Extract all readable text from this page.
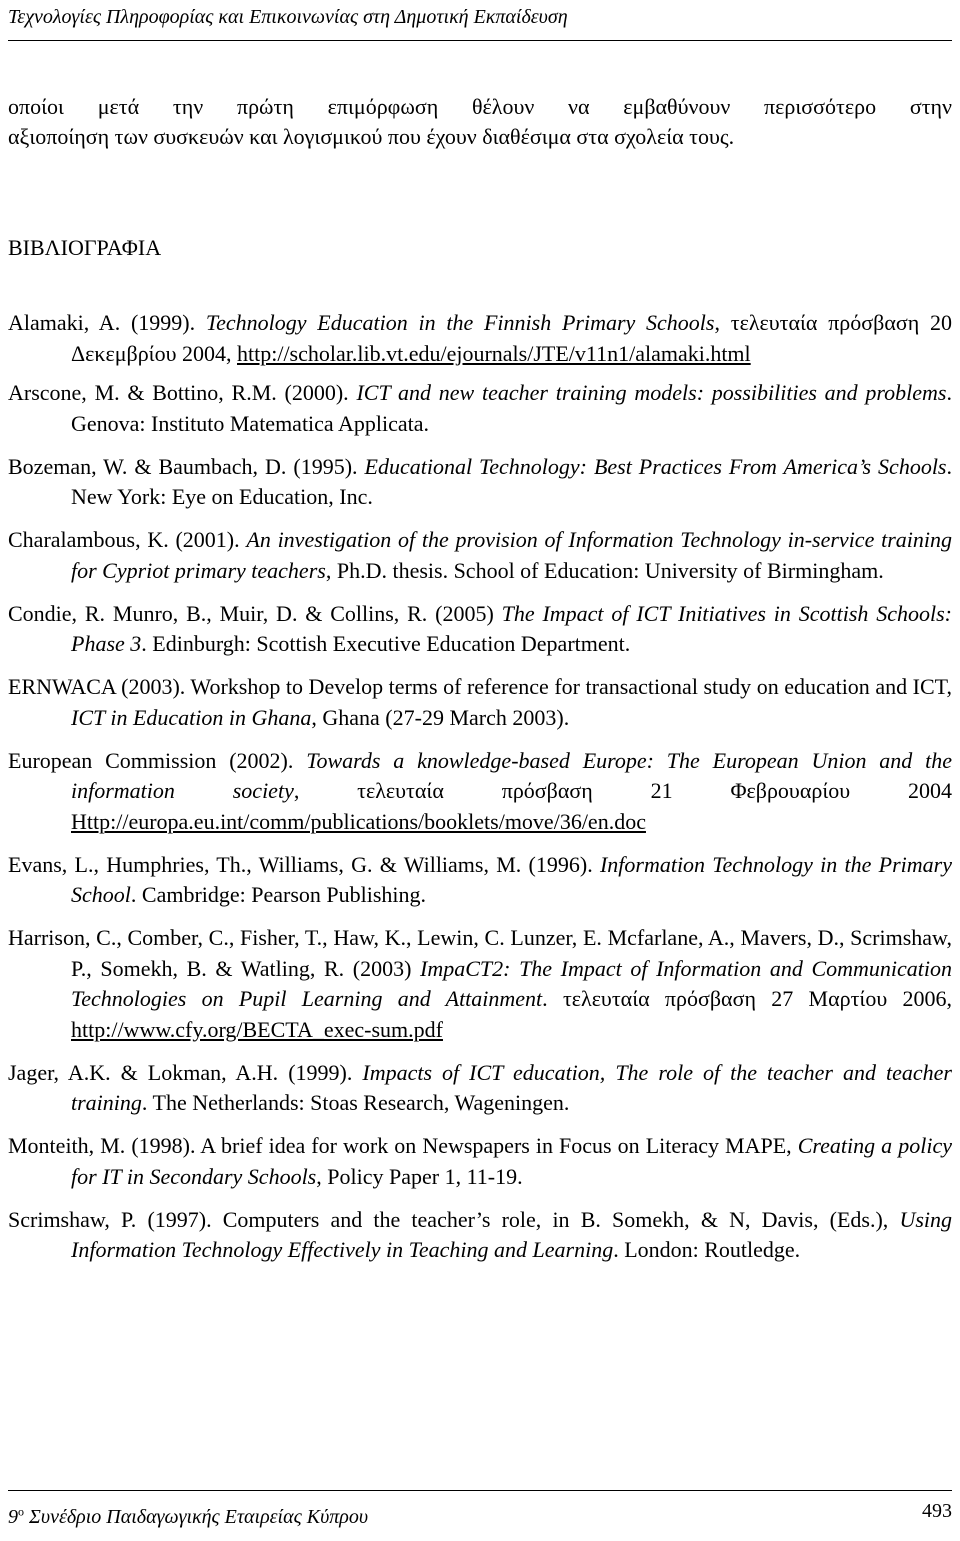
Τεχνολογίες Πληροφορίας και Επικοινωνίας στη Δημοτική Εκπαίδευση
οποίοι μετά την πρώτη επιμόρφωση θέλουν να εμβαθύνουν περισσότερο στην
αξιοποίηση των συσκευών και λογισμικού που έχουν διαθέσιμα στα σχολεία τους.
ΒΙΒΛΙΟΓΡΑΦΙΑ
Alamaki, A. (1999). Technology Education in the Finnish Primary Schools, τελευταία πρόσβαση 20 Δεκεμβρίου 2004, http://scholar.lib.vt.edu/ejournals/JTE/v11n1/alamaki.html
Arscone, M. & Bottino, R.M. (2000). ICT and new teacher training models: possibilities and problems. Genova: Instituto Matematica Applicata.
Bozeman, W. & Baumbach, D. (1995). Educational Technology: Best Practices From America’s Schools. New York: Eye on Education, Inc.
Charalambous, K. (2001). An investigation of the provision of Information Technology in-service training for Cypriot primary teachers, Ph.D. thesis. School of Education: University of Birmingham.
Condie, R. Munro, B., Muir, D. & Collins, R. (2005) The Impact of ICT Initiatives in Scottish Schools: Phase 3. Edinburgh: Scottish Executive Education Department.
ERNWACA (2003). Workshop to Develop terms of reference for transactional study on education and ICT, ICT in Education in Ghana, Ghana (27-29 March 2003).
European Commission (2002). Towards a knowledge-based Europe: The European Union and the information society, τελευταία πρόσβαση 21 Φεβρουαρίου 2004 Http://europa.eu.int/comm/publications/booklets/move/36/en.doc
Evans, L., Humphries, Th., Williams, G. & Williams, M. (1996). Information Technology in the Primary School. Cambridge: Pearson Publishing.
Harrison, C., Comber, C., Fisher, T., Haw, K., Lewin, C. Lunzer, E. Mcfarlane, A., Mavers, D., Scrimshaw, P., Somekh, B. & Watling, R. (2003) ImpaCT2: The Impact of Information and Communication Technologies on Pupil Learning and Attainment. τελευταία πρόσβαση 27 Μαρτίου 2006, http://www.cfy.org/BECTA_exec-sum.pdf
Jager, A.K. & Lokman, A.H. (1999). Impacts of ICT education, The role of the teacher and teacher training. The Netherlands: Stoas Research, Wageningen.
Monteith, M. (1998). A brief idea for work on Newspapers in Focus on Literacy MAPE, Creating a policy for IT in Secondary Schools, Policy Paper 1, 11-19.
Scrimshaw, P. (1997). Computers and the teacher’s role, in B. Somekh, & N, Davis, (Eds.), Using Information Technology Effectively in Teaching and Learning. London: Routledge.
$9^o$ Συνέδριο Παιδαγωγικής Εταιρείας Κύπρου	493
